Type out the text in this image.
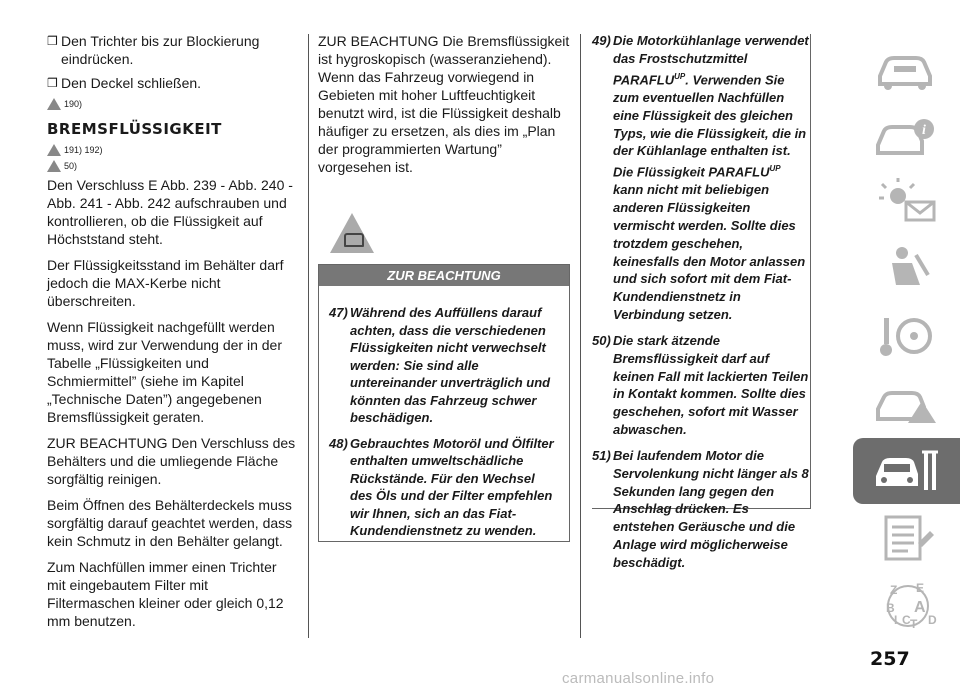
❒ Den Trichter bis zur Blockierung eindrücken.
❒ Den Deckel schließen.
190)
BREMSFLÜSSIGKEIT
191) 192)
50)

Den Verschluss E Abb. 239 - Abb. 240 - Abb. 241 - Abb. 242 aufschrauben und kontrollieren, ob die Flüssigkeit auf Höchststand steht.

Der Flüssigkeitsstand im Behälter darf jedoch die MAX-Kerbe nicht überschreiten.

Wenn Flüssigkeit nachgefüllt werden muss, wird zur Verwendung der in der Tabelle „Flüssigkeiten und Schmiermittel” (siehe im Kapitel „Technische Daten”) angegebenen Bremsflüssigkeit geraten.

ZUR BEACHTUNG Den Verschluss des Behälters und die umliegende Fläche sorgfältig reinigen.

Beim Öffnen des Behälterdeckels muss sorgfältig darauf geachtet werden, dass kein Schmutz in den Behälter gelangt.

Zum Nachfüllen immer einen Trichter mit eingebautem Filter mit Filtermaschen kleiner oder gleich 0,12 mm benutzen.

ZUR BEACHTUNG Die Bremsflüssigkeit ist hygroskopisch (wasseranziehend). Wenn das Fahrzeug vorwiegend in Gebieten mit hoher Luftfeuchtigkeit benutzt wird, ist die Flüssigkeit deshalb häufiger zu ersetzen, als dies im „Plan der programmierten Wartung” vorgesehen ist.

ZUR BEACHTUNG
47) Während des Auffüllens darauf achten, dass die verschiedenen Flüssigkeiten nicht verwechselt werden: Sie sind alle untereinander unverträglich und könnten das Fahrzeug schwer beschädigen.
48) Gebrauchtes Motoröl und Ölfilter enthalten umweltschädliche Rückstände. Für den Wechsel des Öls und der Filter empfehlen wir Ihnen, sich an das Fiat-Kundendienstnetz zu wenden.
49) Die Motorkühlanlage verwendet das Frostschutzmittel $PARAFLU^{UP}$. Verwenden Sie zum eventuellen Nachfüllen eine Flüssigkeit des gleichen Typs, wie die Flüssigkeit, die in der Kühlanlage enthalten ist. Die Flüssigkeit $PARAFLU^{UP}$ kann nicht mit beliebigen anderen Flüssigkeiten vermischt werden. Sollte dies trotzdem geschehen, keinesfalls den Motor anlassen und sich sofort mit dem Fiat-Kundendienstnetz in Verbindung setzen.
50) Die stark ätzende Bremsflüssigkeit darf auf keinen Fall mit lackierten Teilen in Kontakt kommen. Sollte dies geschehen, sofort mit Wasser abwaschen.
51) Bei laufendem Motor die Servolenkung nicht länger als 8 Sekunden lang gegen den Anschlag drücken. Es entstehen Geräusche und die Anlage wird möglicherweise beschädigt.
i
Z E
B A
I C T D
257
carmanualsonline.info
